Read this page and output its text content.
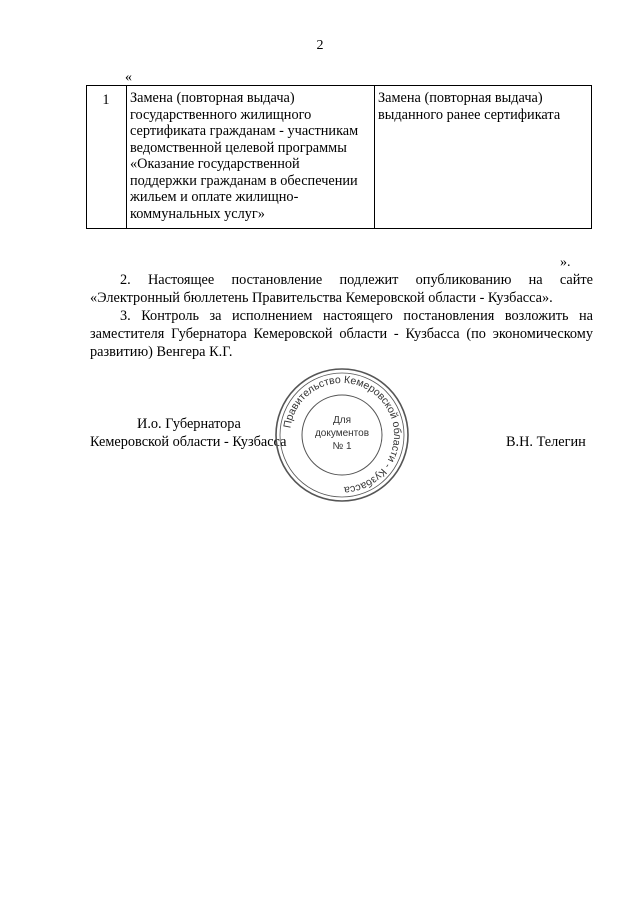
2
«
1	Замена (повторная выдача) государственного жилищного сертификата гражданам - участникам ведомственной целевой программы «Оказание государственной поддержки гражданам в обеспечении жильем и оплате жилищно-коммунальных услуг»	Замена (повторная выдача) выданного ранее сертификата
».

2. Настоящее постановление подлежит опубликованию на сайте «Электронный бюллетень Правительства Кемеровской области - Кузбасса».

3. Контроль за исполнением настоящего постановления возложить на заместителя Губернатора Кемеровской области - Кузбасса (по экономическому развитию) Венгера К.Г.

И.о. Губернатора
Кемеровской области - Кузбасса	В.Н. Телегин
Правительство Кемеровской области - Кузбасса
Для
документов
№ 1
